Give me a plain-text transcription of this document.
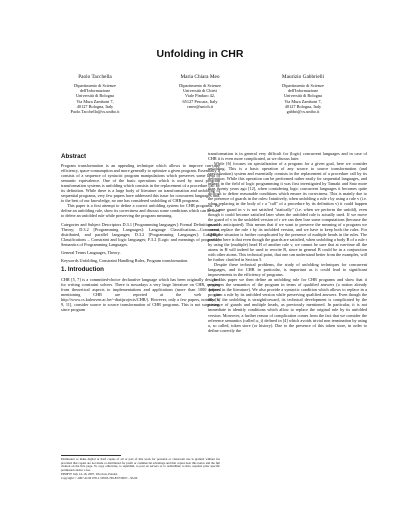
Unfolding in CHR
Paolo Tacchella
Dipartimento di Scienze
dell'Informazione
Università di Bologna
Via Mura Zamboni 7,
40127 Bologna, Italy
Paolo.Tacchella@cs.unibo.it
Maria Chiara Meo
Dipartimento di Scienze
Università di Chieti
Viale Pindaro 42,
65127 Pescara, Italy
cmeo@unich.it
Maurizio Gabbrielli
Dipartimento di Scienze
dell'Informazione
Università di Bologna
Via Mura Zamboni 7,
40127 Bologna, Italy
gabbri@cs.unibo.it
Abstract

Program transformation is an appealing technique which allows to improve run-time efficiency, space-consumption and more generally to optimize a given program. Essentially it consists of a sequence of syntactic program manipulations which preserves some kind of semantic equivalence. One of the basic operations which is used by most program transformation systems is unfolding which consists in the replacement of a procedure call by its definition. While there is a large body of literature on transformation and unfolding of sequential programs, very few papers have addressed this issue for concurrent languages and, to the best of our knowledge, no one has considered unfolding of CHR programs.

This paper is a first attempt to define a correct unfolding system for CHR programs. We define an unfolding rule, show its correctness and discuss some conditions which can be used to delete an unfolded rule while preserving the program meaning.

Categories and Subject Descriptors D.3.1 [Programming languages]: Formal Definitions and Theory; D.3.2 [Programming Languages]: Language Classifications—Concurrent, distributed, and parallel languages; D.3.2 [Programming Languages]: Language Classifications – Constraint and logic languages; F.3.2 [Logic and meanings of programs]: Semantics of Programming Languages.

General Terms Languages, Theory.

Keywords Unfolding, Constraint Handling Rules, Program transformation.

1. Introduction

CHR [5, 7] is a committed-choice declarative language which has been originally designed for writing constraint solvers. There is nowadays a very large literature on CHR, ranging from theoretical aspects to implementations and applications (more than 1000 papers mentioning CHR are reported at the web site http://www.cs.kuleuven.ac.be/~dtai/projects/CHR/). However, only a few papers, notably [6, 9, 11], consider source to source transformation of CHR programs. This is not surprising, since program

Permission to make digital or hard copies of all or part of this work for personal or classroom use is granted without fee provided that copies are not made or distributed for profit or commercial advantage and that copies bear this notice and the full citation on the first page. To copy otherwise, to republish, to post on servers or to redistribute to lists, requires prior specific permission and/or a fee.

PPDP'07 July 14–16, 2007, Wroclaw, Poland.

Copyright © 2007 ACM 978-1-59593-769-8/07/0007... $5.00

transformation is in general very difficult for (logic) concurrent languages and in case of CHR it is even more complicated, as we discuss later.

While [6] focuses on specialization of a program for a given goal, here we consider unfolding. This is a basic operation of any source to source transformation (and specialization) system and essentially consists in the replacement of a procedure call by its definition. While this operation can be performed rather easily for sequential languages, and indeed in the field of logic programming it was first investigated by Tamaki and Sato more than twenty years ago [12], when considering logic concurrent languages it becomes quite difficult to define reasonable conditions which ensure its correctness. This is mainly due to the presence of guards in the rules: Intuitively, when unfolding a rule r by using a rule v (i.e. when replacing in the body of r a "call" of a procedure by its definition v) it could happen that some guard in v is not satisfied "statically" (i.e. when we perform the unfold), even though it could become satisfied later when the unfolded rule is actually used. If we move the guard of v in the unfolded version of r we can then lose some computations (because the guard is anticipated). This means that if we want to preserve the meaning of a program we cannot replace the rule r by its unfolded version, and we have to keep both the rules. For CHR the situation is further complicated by the presence of multiple heads in the rules. The problem here is that even though the guards are satisfied, when unfolding a body B of a rule r by using the (multiple) head H of another rule v, we cannot be sure that at run-time all the atoms in H will indeed be used to rewrite B, since in general B could be in a conjunction with other atoms. This technical point, that one can understand better from the examples, will be further clarified in Section 5.

Despite these technical problems, the study of unfolding techniques for concurrent languages, and for CHR in particular, is important as it could lead to significant improvements in the efficiency of programs.

In this paper we then define an unfolding rule for CHR programs and show that it preserves the semantics of the program in terms of qualified answers (a notion already defined in the literature). We also provide a syntactic condition which allows to replace in a program a rule by its unfolded version while preserving qualified answers. Even though the idea of the unfolding is straightforward, its technical development is complicated by the presence of guards and multiple heads, as previously mentioned. In particular, it is not immediate to identify conditions which allow to replace the original rule by its unfolded version. Moreover, a further reason of complication comes from the fact that we consider the reference semantics (called ω_t) defined in [4] which avoids trivial non termination by using a, so called, token store (or history). Due to the presence of this token store, in order to define correctly the
